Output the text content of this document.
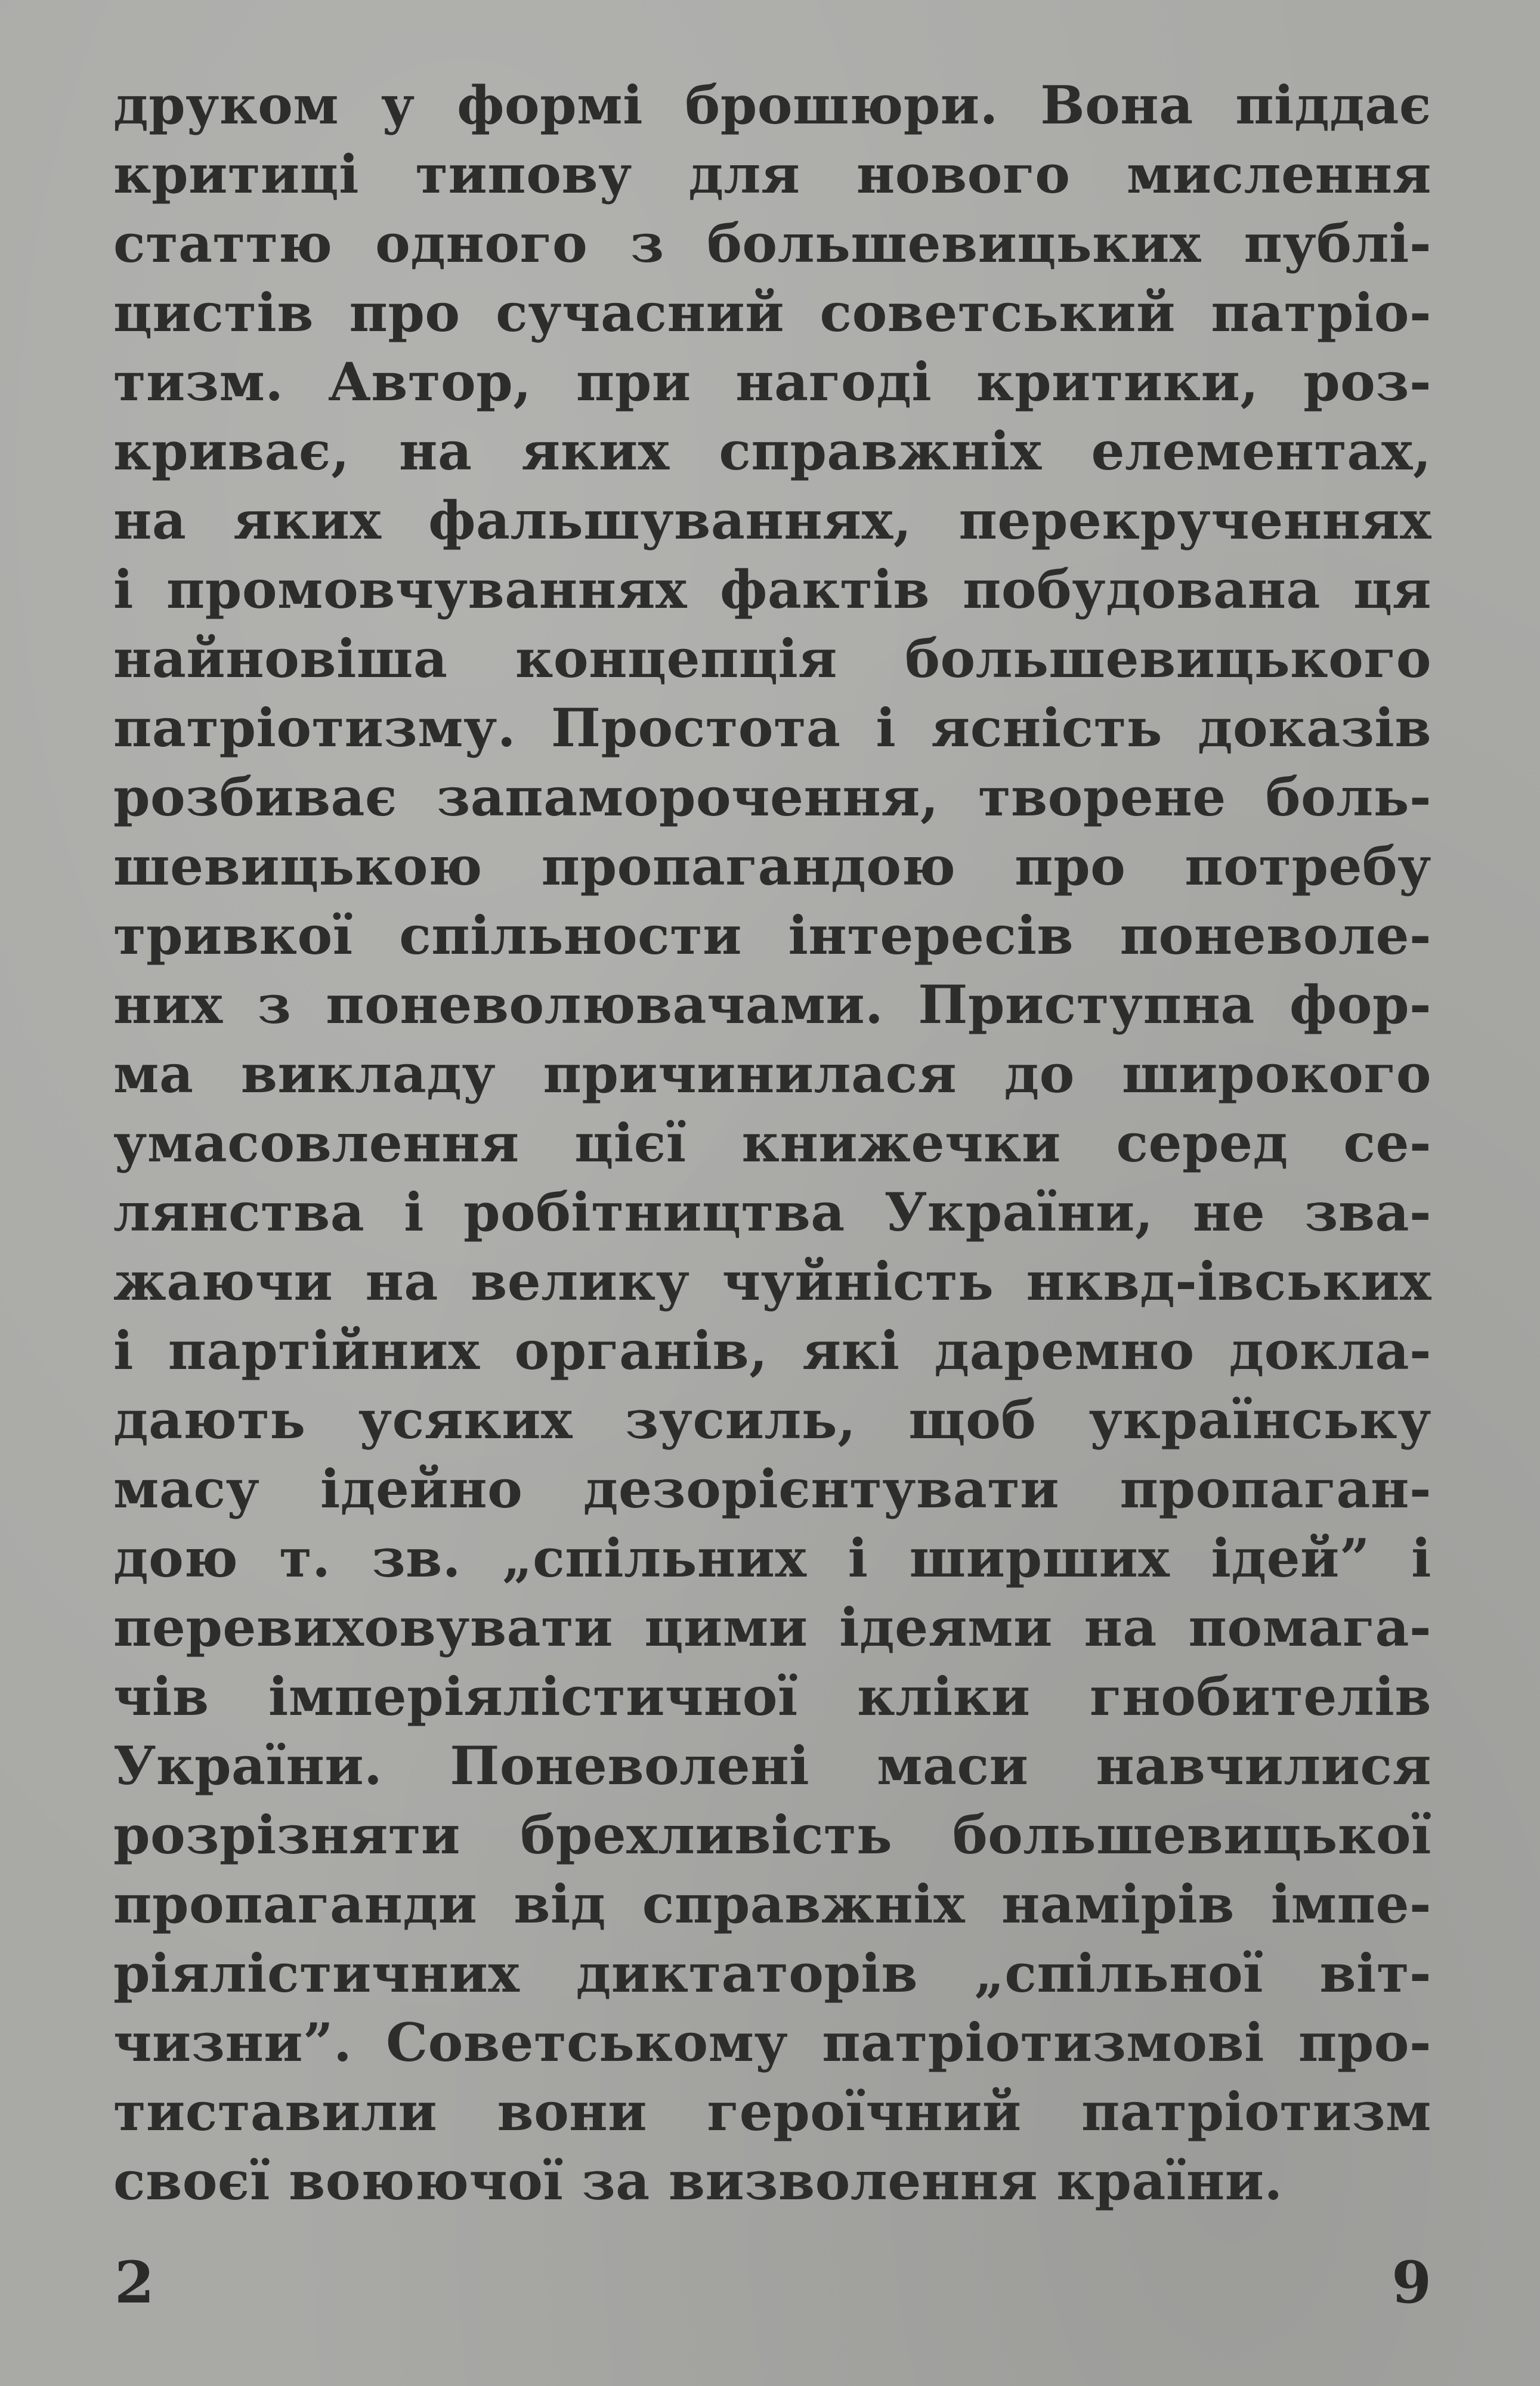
друком у формі брошюри. Вона піддає
критиці типову для нового мислення
статтю одного з большевицьких публі-
цистів про сучасний советський патріо-
тизм. Автор, при нагоді критики, роз-
криває, на яких справжніх елементах,
на яких фальшуваннях, перекрученнях
і промовчуваннях фактів побудована ця
найновіша концепція большевицького
патріотизму. Простота і ясність доказів
розбиває запаморочення, творене боль-
шевицькою пропагандою про потребу
тривкої спільности інтересів поневоле-
них з поневолювачами. Приступна фор-
ма викладу причинилася до широкого
умасовлення цієї книжечки серед се-
лянства і робітництва України, не зва-
жаючи на велику чуйність нквд-івських
і партійних органів, які даремно докла-
дають усяких зусиль, щоб українську
масу ідейно дезорієнтувати пропаган-
дою т. зв. „спільних і ширших ідей” і
перевиховувати цими ідеями на помага-
чів імперіялістичної кліки гнобителів
України. Поневолені маси навчилися
розрізняти брехливість большевицької
пропаганди від справжніх намірів імпе-
ріялістичних диктаторів „спільної віт-
чизни”. Советському патріотизмові про-
тиставили вони героїчний патріотизм
своєї воюючої за визволення країни.
2	9
